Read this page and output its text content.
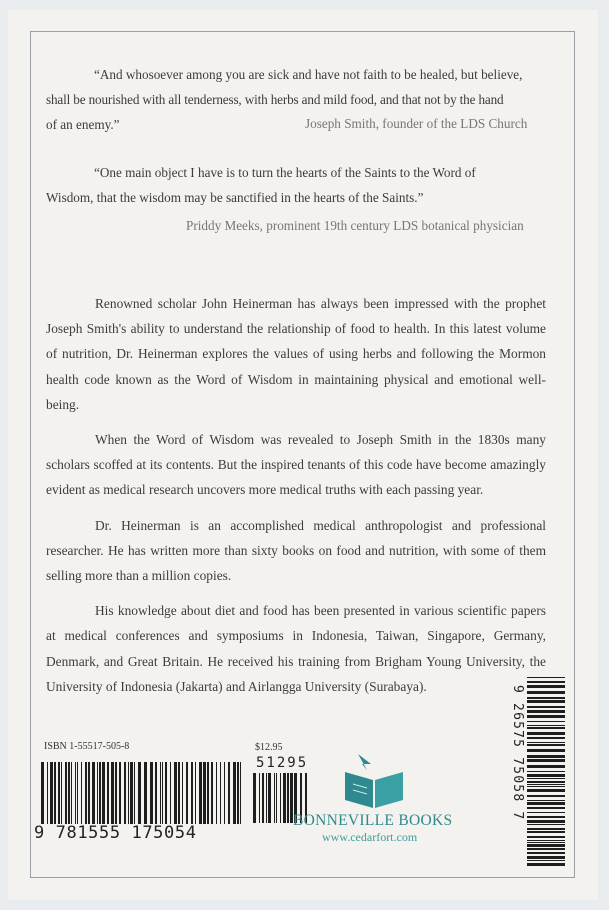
“And whosoever among you are sick and have not faith to be healed, but believe,
shall be nourished with all tenderness, with herbs and mild food, and that not by the hand
of an enemy.”	Joseph Smith, founder of the LDS Church
“One main object I have is to turn the hearts of the Saints to the Word of
Wisdom, that the wisdom may be sanctified in the hearts of the Saints.”
Priddy Meeks, prominent 19th century LDS botanical physician

Renowned scholar John Heinerman has always been impressed with the prophet Joseph Smith's ability to understand the relationship of food to health. In this latest volume of nutrition, Dr. Heinerman explores the values of using herbs and following the Mormon health code known as the Word of Wisdom in maintaining physical and emotional well-being.

When the Word of Wisdom was revealed to Joseph Smith in the 1830s many scholars scoffed at its contents. But the inspired tenants of this code have become amazingly evident as medical research uncovers more medical truths with each passing year.

Dr. Heinerman is an accomplished medical anthropologist and professional researcher. He has written more than sixty books on food and nutrition, with some of them selling more than a million copies.

His knowledge about diet and food has been presented in various scientific papers at medical conferences and symposiums in Indonesia, Taiwan, Singapore, Germany, Denmark, and Great Britain. He received his training from Brigham Young University, the University of Indonesia (Jakarta) and Airlangga University (Surabaya).

ISBN 1-55517-505-8	$12.95
9 781555 175054
51295
BONNEVILLE BOOKS
www.cedarfort.com
9 26575 75058 7
